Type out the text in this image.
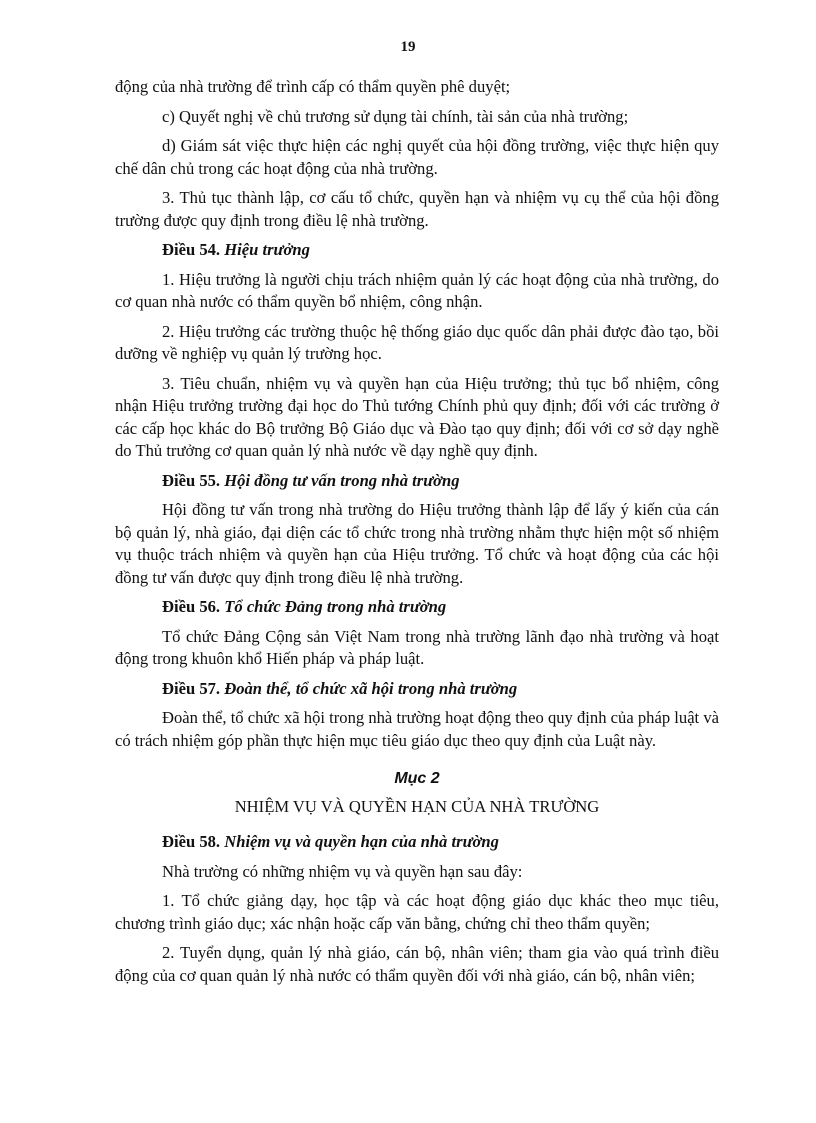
19

động của nhà trường để trình cấp có thẩm quyền phê duyệt;

c) Quyết nghị về chủ trương sử dụng tài chính, tài sản của nhà trường;

d) Giám sát việc thực hiện các nghị quyết của hội đồng trường, việc thực hiện quy chế dân chủ trong các hoạt động của nhà trường.

3. Thủ tục thành lập, cơ cấu tổ chức, quyền hạn và nhiệm vụ cụ thể của hội đồng trường được quy định trong điều lệ nhà trường.

Điều 54. Hiệu trưởng

1. Hiệu trưởng là người chịu trách nhiệm quản lý các hoạt động của nhà trường, do cơ quan nhà nước có thẩm quyền bổ nhiệm, công nhận.

2. Hiệu trưởng các trường thuộc hệ thống giáo dục quốc dân phải được đào tạo, bồi dưỡng về nghiệp vụ quản lý trường học.

3. Tiêu chuẩn, nhiệm vụ và quyền hạn của Hiệu trưởng; thủ tục bổ nhiệm, công nhận Hiệu trưởng trường đại học do Thủ tướng Chính phủ quy định; đối với các trường ở các cấp học khác do Bộ trưởng Bộ Giáo dục và Đào tạo quy định; đối với cơ sở dạy nghề do Thủ trưởng cơ quan quản lý nhà nước về dạy nghề quy định.

Điều 55. Hội đồng tư vấn trong nhà trường

Hội đồng tư vấn trong nhà trường do Hiệu trưởng thành lập để lấy ý kiến của cán bộ quản lý, nhà giáo, đại diện các tổ chức trong nhà trường nhằm thực hiện một số nhiệm vụ thuộc trách nhiệm và quyền hạn của Hiệu trưởng. Tổ chức và hoạt động của các hội đồng tư vấn được quy định trong điều lệ nhà trường.

Điều 56. Tổ chức Đảng trong nhà trường

Tổ chức Đảng Cộng sản Việt Nam trong nhà trường lãnh đạo nhà trường và hoạt động trong khuôn khổ Hiến pháp và pháp luật.

Điều 57. Đoàn thể, tổ chức xã hội trong nhà trường

Đoàn thể, tổ chức xã hội trong nhà trường hoạt động theo quy định của pháp luật và có trách nhiệm góp phần thực hiện mục tiêu giáo dục theo quy định của Luật này.

Mục 2
NHIỆM VỤ VÀ QUYỀN HẠN CỦA NHÀ TRƯỜNG
Điều 58. Nhiệm vụ và quyền hạn của nhà trường

Nhà trường có những nhiệm vụ và quyền hạn sau đây:

1. Tổ chức giảng dạy, học tập và các hoạt động giáo dục khác theo mục tiêu, chương trình giáo dục; xác nhận hoặc cấp văn bằng, chứng chỉ theo thẩm quyền;

2. Tuyển dụng, quản lý nhà giáo, cán bộ, nhân viên; tham gia vào quá trình điều động của cơ quan quản lý nhà nước có thẩm quyền đối với nhà giáo, cán bộ, nhân viên;
